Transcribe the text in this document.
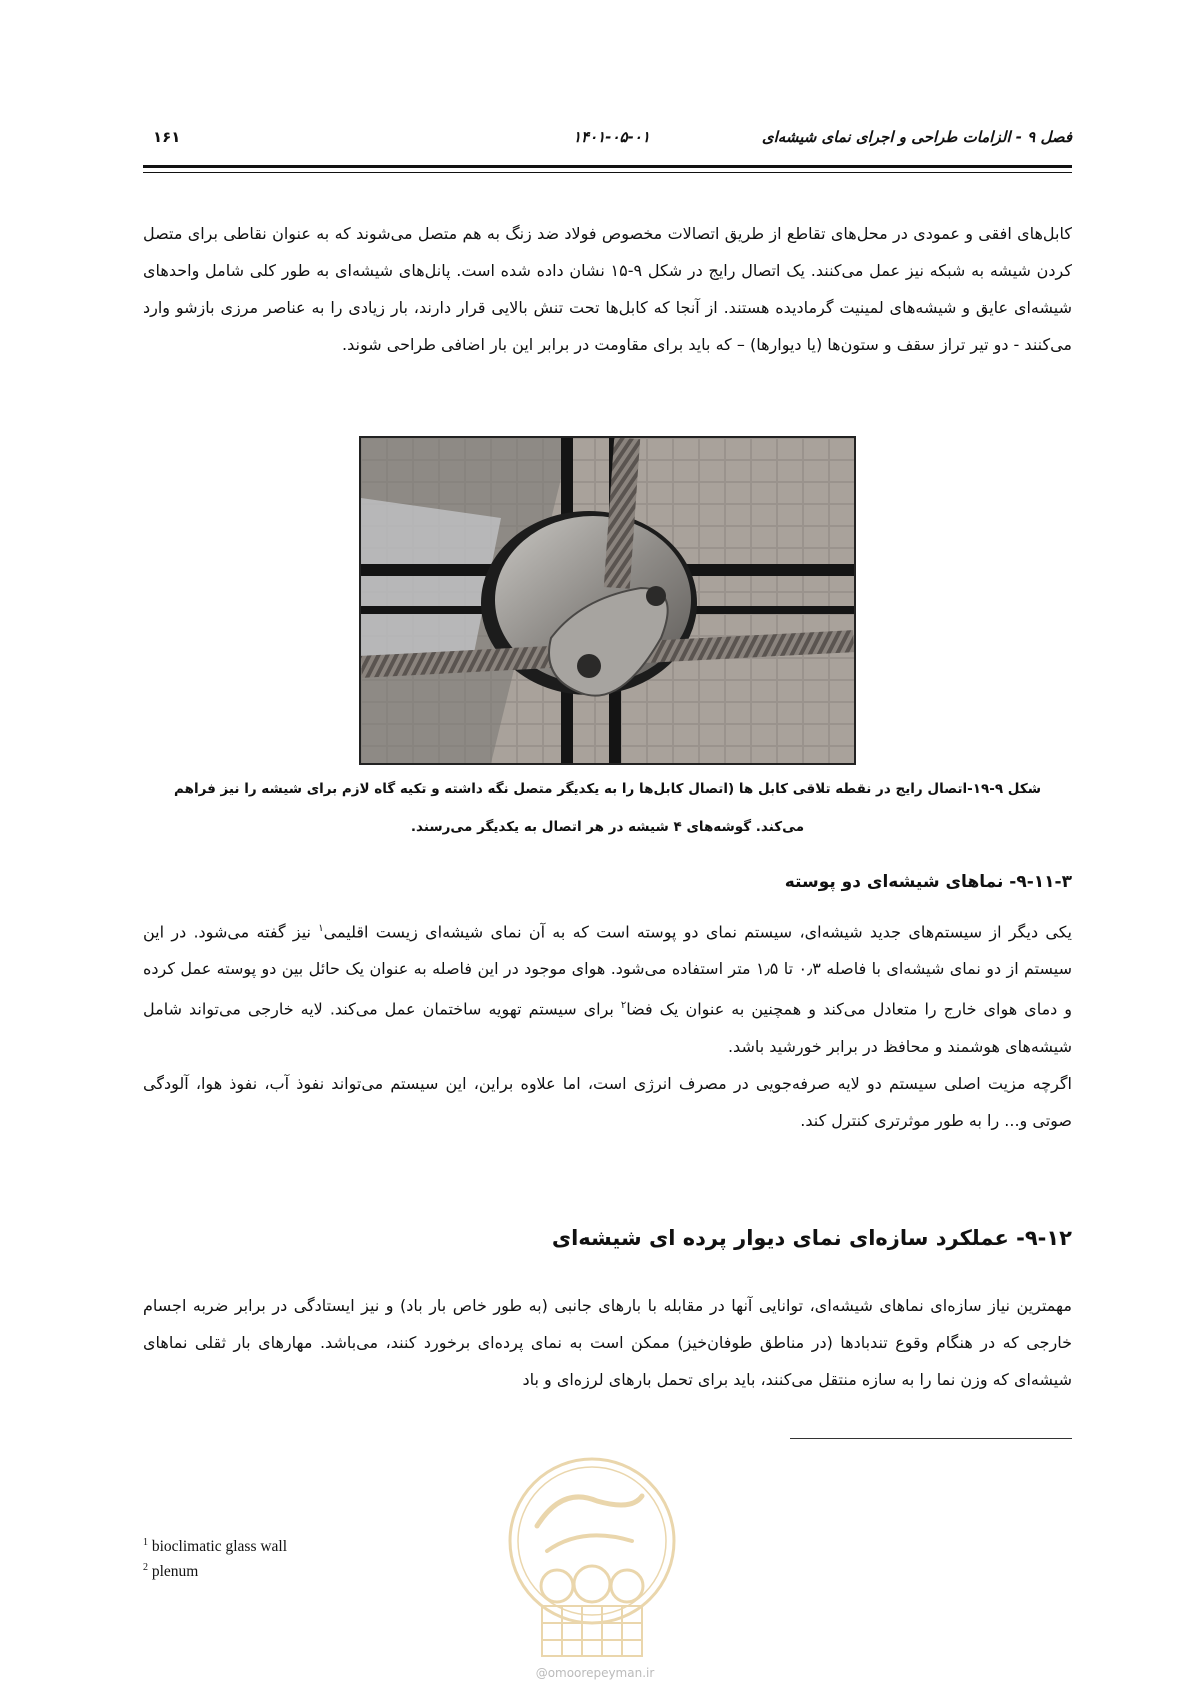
فصل ۹ - الزامات طراحی و اجرای نمای شیشه‌ای
۱۴۰۱-۰۵-۰۱
۱۶۱

کابل‌های افقی و عمودی در محل‌های تقاطع از طریق اتصالات مخصوص فولاد ضد زنگ به هم متصل می‌شوند که به عنوان نقاطی برای متصل کردن شیشه به شبکه نیز عمل می‌کنند. یک اتصال رایج در شکل ۹-۱۵ نشان داده شده است. پانل‌های شیشه‌ای به طور کلی شامل واحدهای شیشه‌ای عایق و شیشه‌های لمینیت گرمادیده هستند. از آنجا که کابل‌ها تحت تنش بالایی قرار دارند، بار زیادی را به عناصر مرزی بازشو وارد می‌کنند - دو تیر تراز سقف و ستون‌ها (یا دیوارها) – که باید برای مقاومت در برابر این بار اضافی طراحی شوند.

شکل ۹-۱۹-اتصال رایج در نقطه تلاقی کابل ها (اتصال کابل‌ها را به یکدیگر متصل نگه داشته و تکیه گاه لازم برای شیشه را نیز فراهم
می‌کند. گوشه‌های ۴ شیشه در هر اتصال به یکدیگر می‌رسند.
۹-۱۱-۳- نماهای شیشه‌ای دو پوسته

یکی دیگر از سیستم‌های جدید شیشه‌ای، سیستم نمای دو پوسته است که به آن نمای شیشه‌ای زیست اقلیمی$^۱$ نیز گفته می‌شود. در این سیستم از دو نمای شیشه‌ای با فاصله ۰٫۳ تا ۱٫۵ متر استفاده می‌شود. هوای موجود در این فاصله به عنوان یک حائل بین دو پوسته عمل کرده و دمای هوای خارج را متعادل می‌کند و همچنین به عنوان یک فضا$^۲$ برای سیستم تهویه ساختمان عمل می‌کند. لایه خارجی می‌تواند شامل شیشه‌های هوشمند و محافظ در برابر خورشید باشد.
اگرچه مزیت اصلی سیستم دو لایه صرفه‌جویی در مصرف انرژی است، اما علاوه براین، این سیستم می‌تواند نفوذ آب، نفوذ هوا، آلودگی صوتی و... را به طور موثرتری کنترل کند.

۹-۱۲- عملکرد سازه‌ای نمای دیوار پرده ای شیشه‌ای

مهمترین نیاز سازه‌ای نماهای شیشه‌ای، توانایی آنها در مقابله با بارهای جانبی (به طور خاص بار باد) و نیز ایستادگی در برابر ضربه اجسام خارجی که در هنگام وقوع تندبادها (در مناطق طوفان‌خیز) ممکن است به نمای پرده‌ای برخورد کنند، می‌باشد. مهارهای بار ثقلی نماهای شیشه‌ای که وزن نما را به سازه منتقل می‌کنند، باید برای تحمل بارهای لرزه‌ای و باد

$^1$ bioclimatic glass wall
$^2$ plenum
@omoorepeyman.ir
